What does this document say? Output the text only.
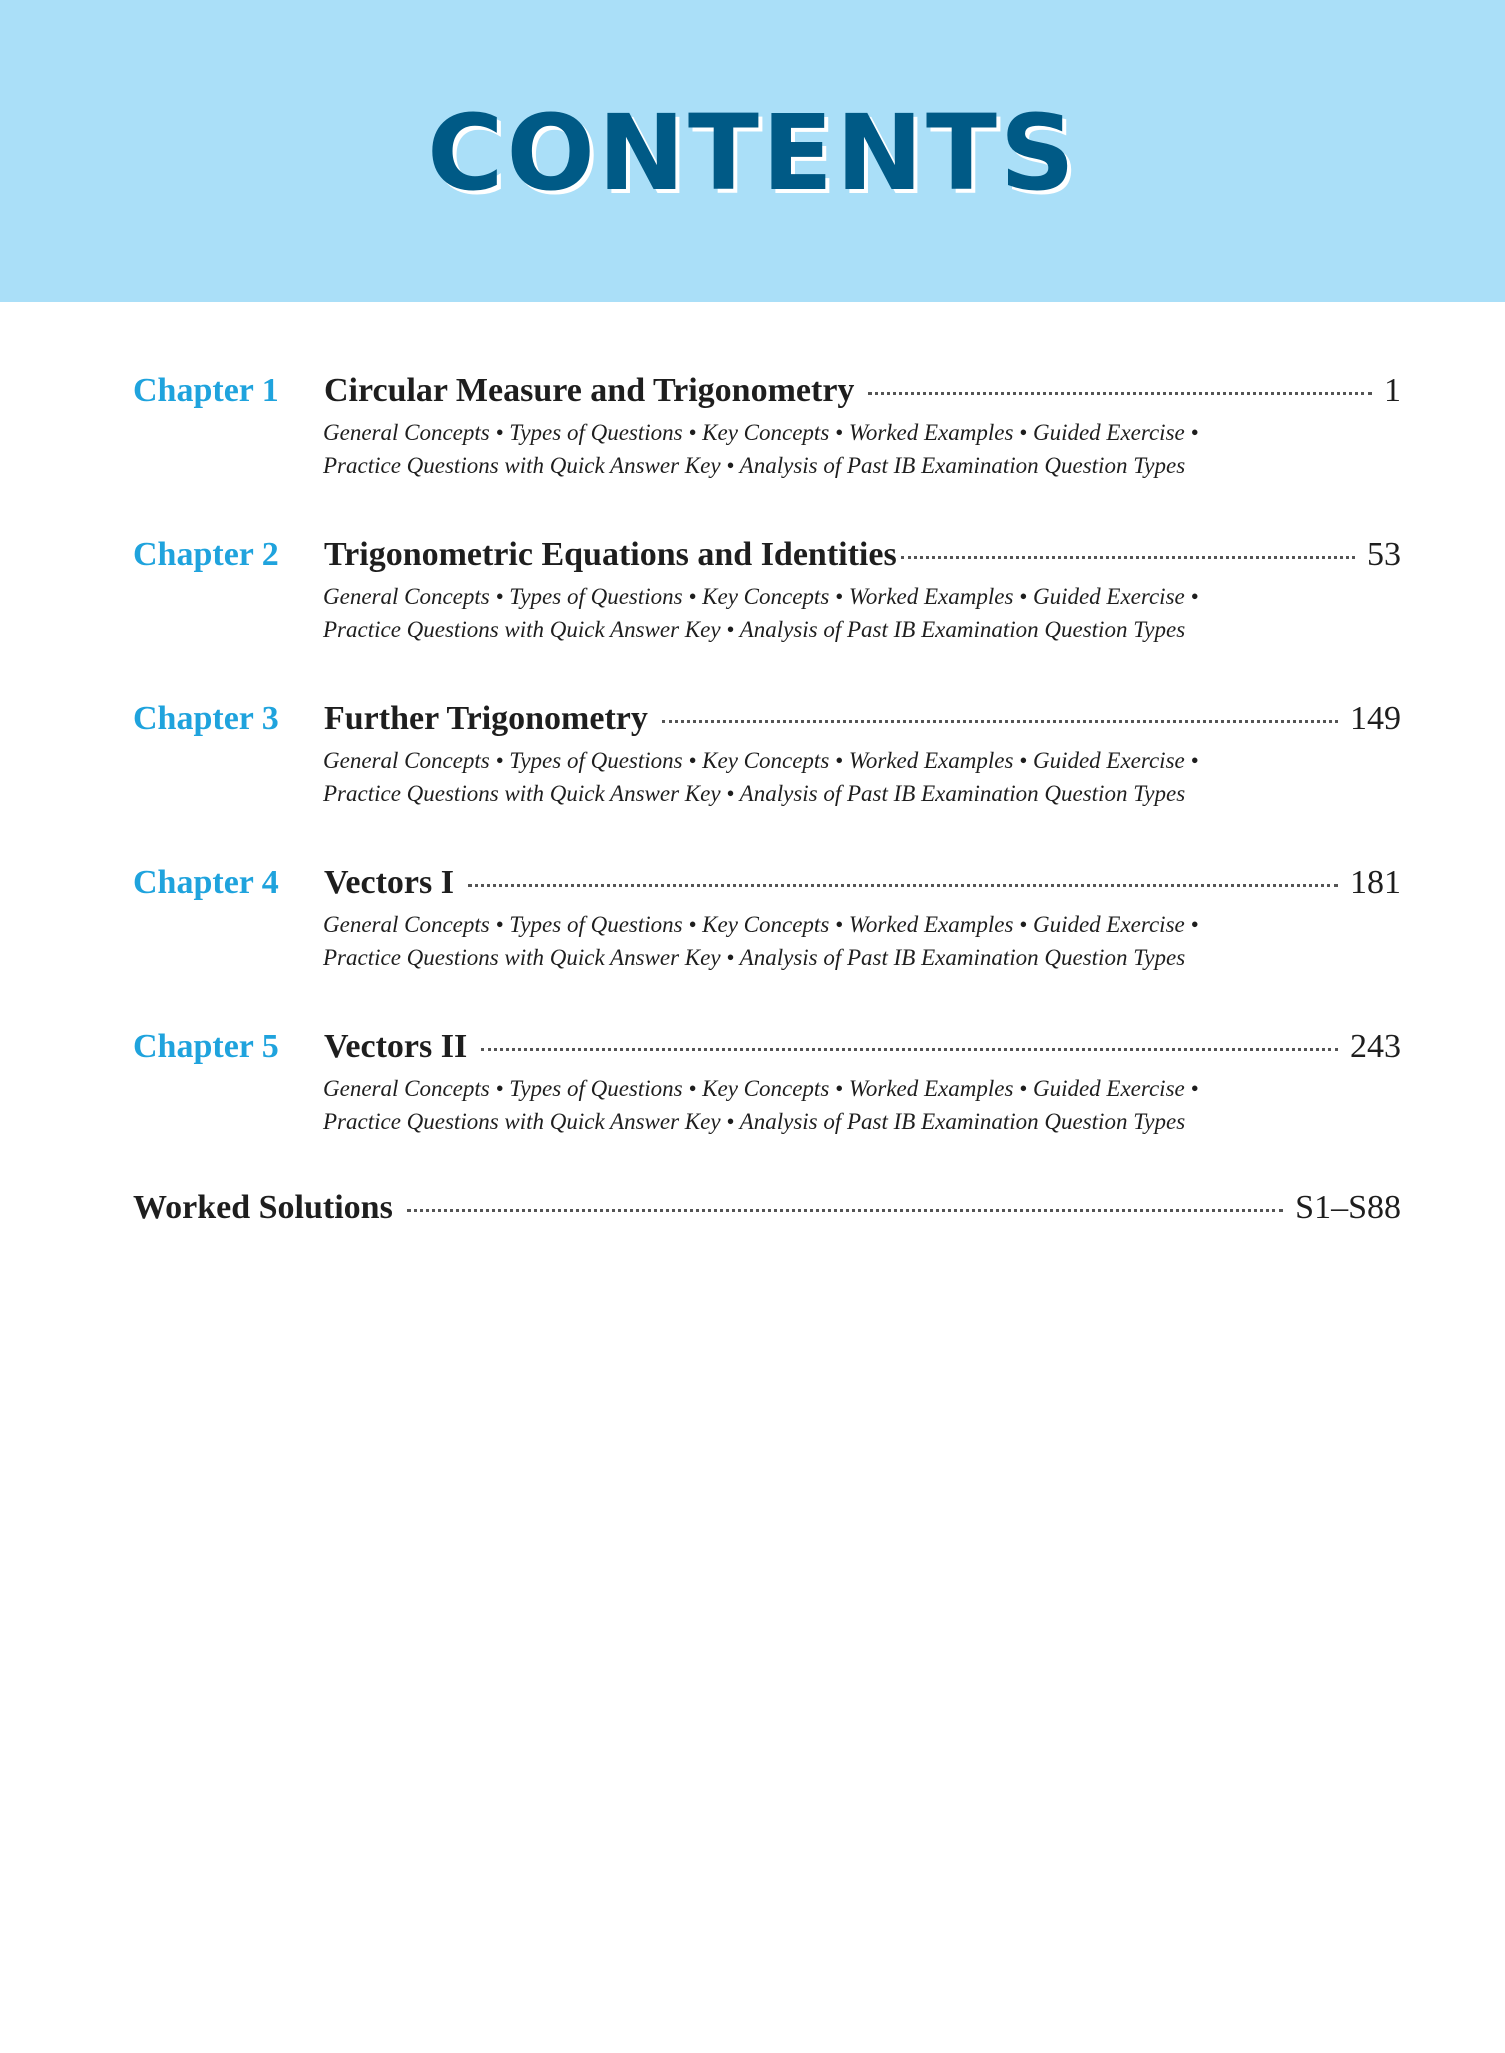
CONTENTS
Chapter 1 Circular Measure and Trigonometry	1
General Concepts • Types of Questions • Key Concepts • Worked Examples • Guided Exercise •
Practice Questions with Quick Answer Key • Analysis of Past IB Examination Question Types
Chapter 2 Trigonometric Equations and Identities	53
General Concepts • Types of Questions • Key Concepts • Worked Examples • Guided Exercise •
Practice Questions with Quick Answer Key • Analysis of Past IB Examination Question Types
Chapter 3 Further Trigonometry	149
General Concepts • Types of Questions • Key Concepts • Worked Examples • Guided Exercise •
Practice Questions with Quick Answer Key • Analysis of Past IB Examination Question Types
Chapter 4 Vectors I	181
General Concepts • Types of Questions • Key Concepts • Worked Examples • Guided Exercise •
Practice Questions with Quick Answer Key • Analysis of Past IB Examination Question Types
Chapter 5 Vectors II	243
General Concepts • Types of Questions • Key Concepts • Worked Examples • Guided Exercise •
Practice Questions with Quick Answer Key • Analysis of Past IB Examination Question Types
Worked Solutions	S1–S88
